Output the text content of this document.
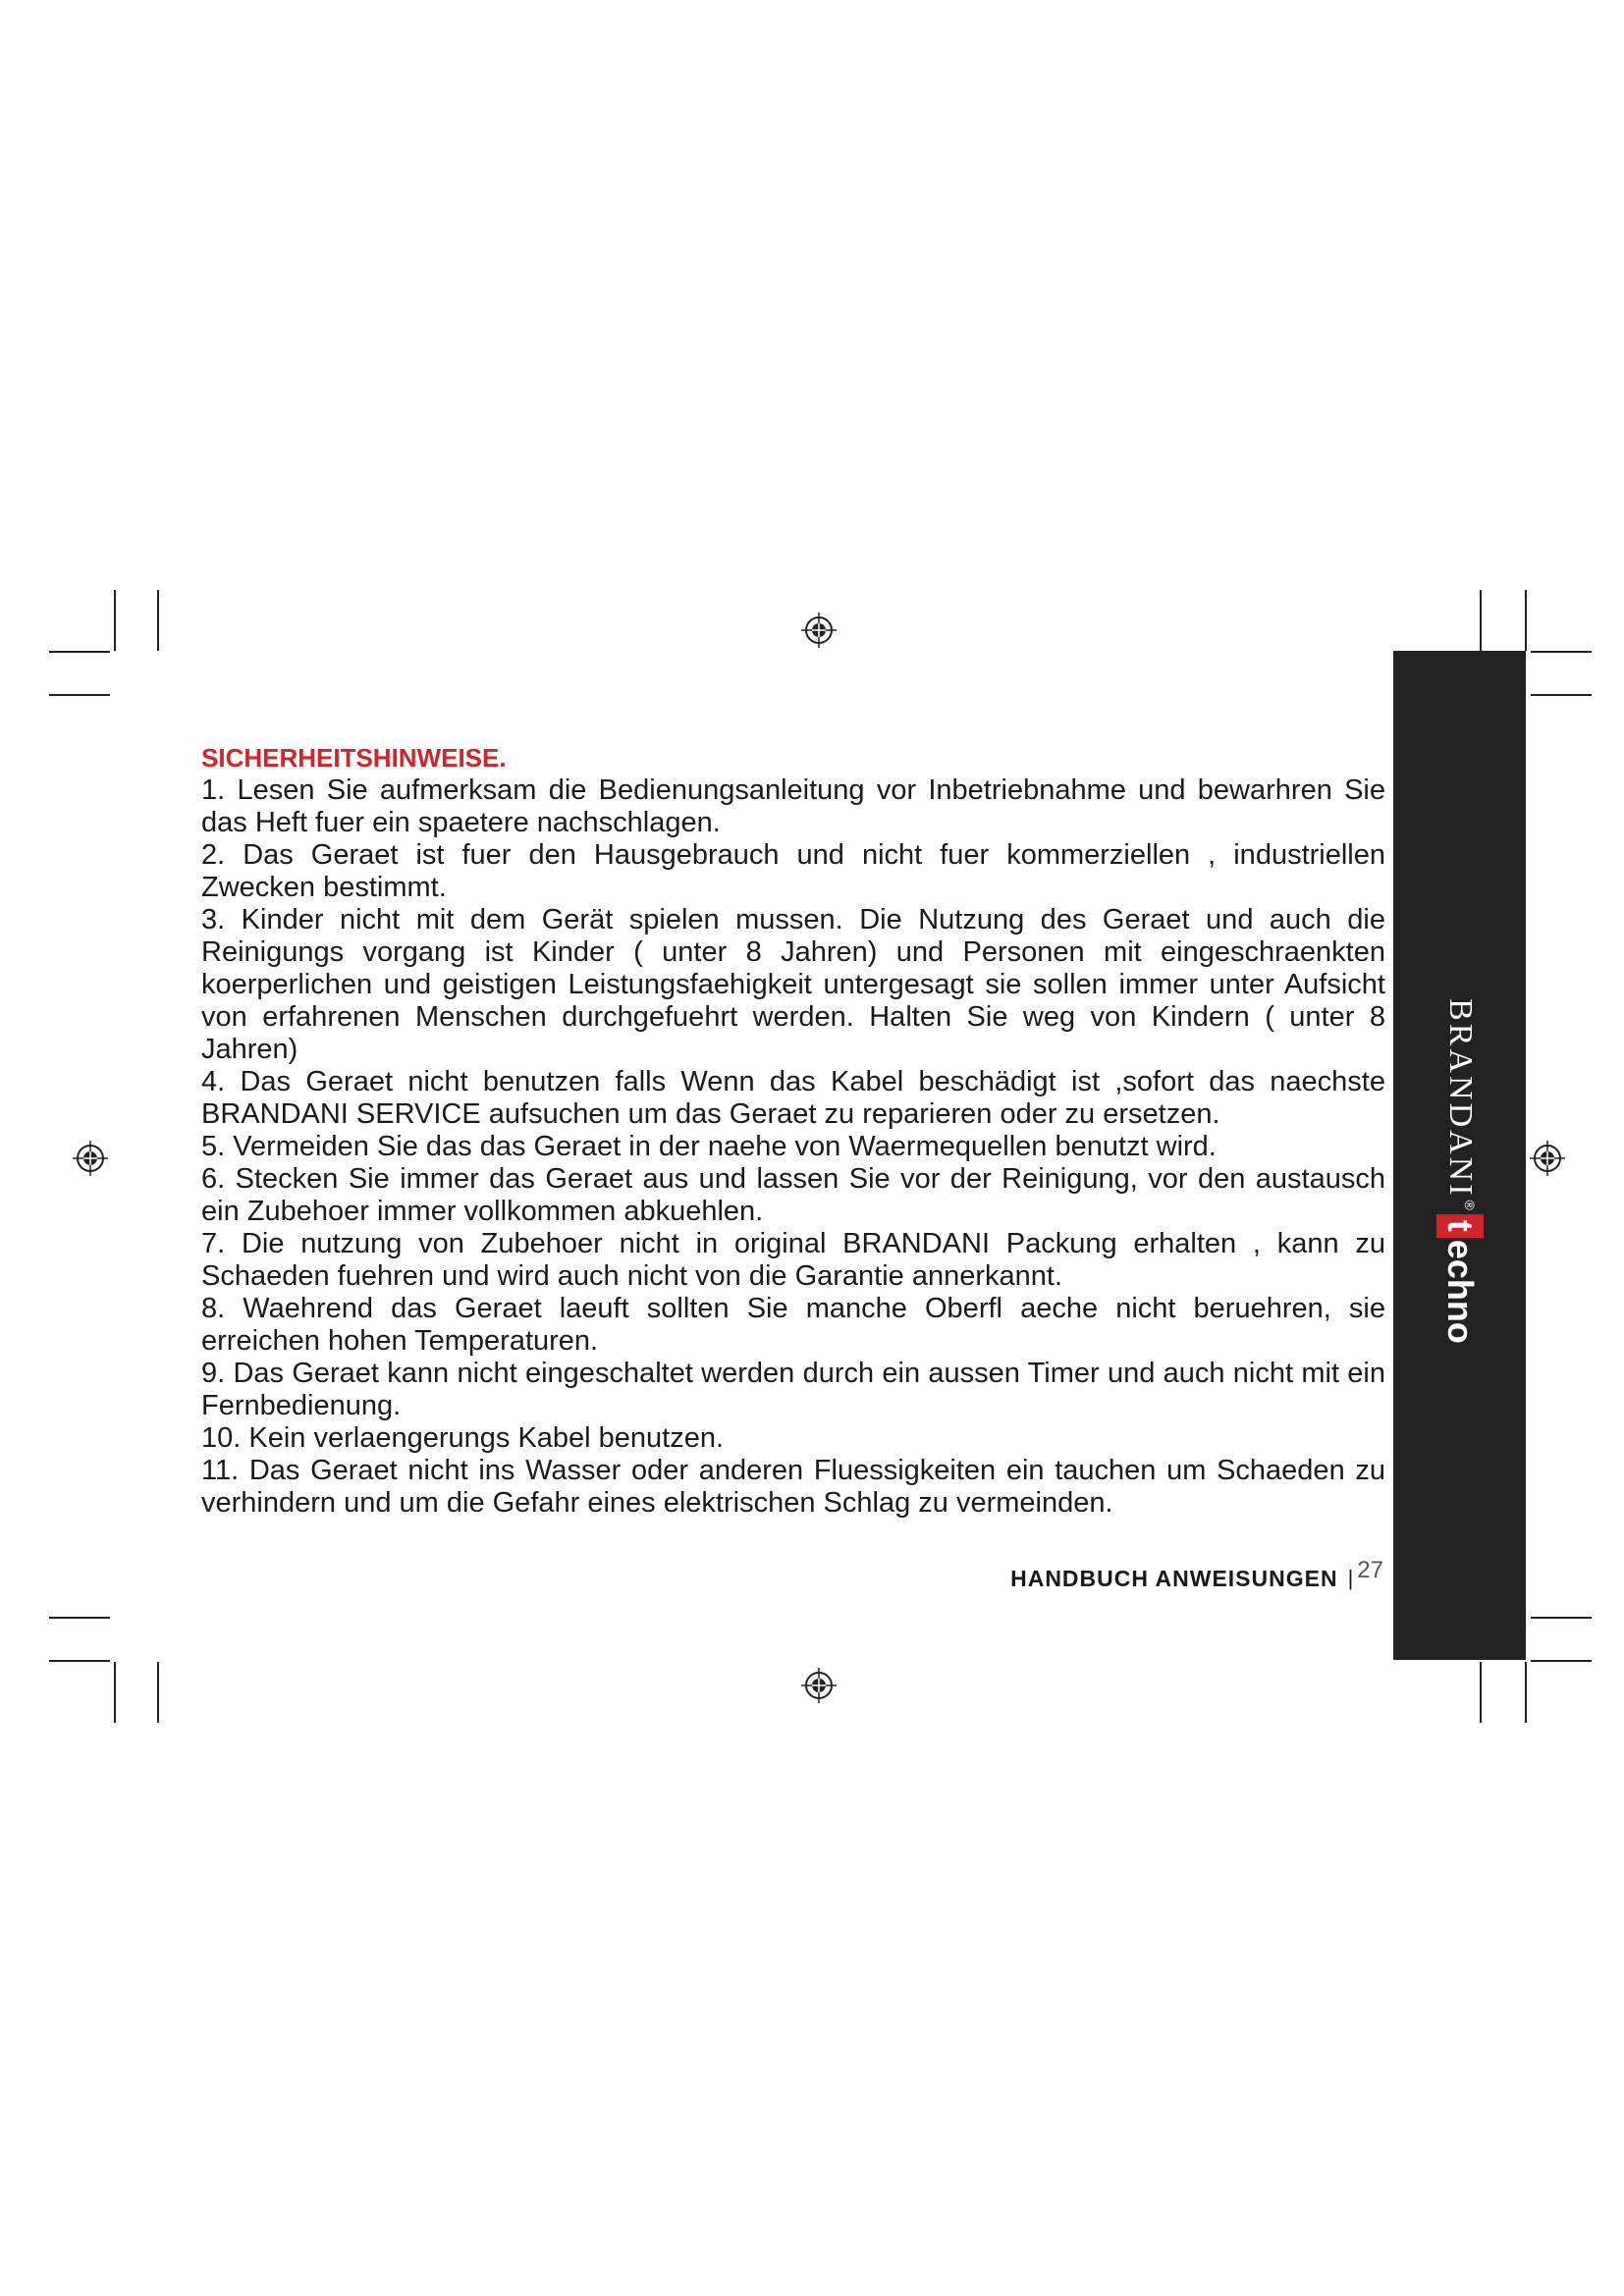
BRANDANI
®
t
echno
SICHERHEITSHINWEISE.

1. Lesen Sie aufmerksam die Bedienungsanleitung vor Inbetriebnahme und bewarhren Sie das Heft fuer ein spaetere nachschlagen.

2. Das Geraet ist fuer den Hausgebrauch und nicht fuer kommerziellen , industriellen Zwecken bestimmt.

3. Kinder nicht mit dem Gerät spielen mussen. Die Nutzung des Geraet und auch die Reinigungs vorgang ist Kinder ( unter 8 Jahren) und Personen mit eingeschraenkten koerperlichen und geistigen Leistungsfaehigkeit untergesagt sie sollen immer unter Aufsicht von erfahrenen Menschen durchgefuehrt werden. Halten Sie weg von Kindern ( unter 8 Jahren)

4. Das Geraet nicht benutzen falls Wenn das Kabel beschädigt ist ,sofort das naechste BRANDANI SERVICE aufsuchen um das Geraet zu reparieren oder zu ersetzen.

5. Vermeiden Sie das das Geraet in der naehe von Waermequellen benutzt wird.

6. Stecken Sie immer das Geraet aus und lassen Sie vor der Reinigung, vor den austausch ein Zubehoer immer vollkommen abkuehlen.

7. Die nutzung von Zubehoer nicht in original BRANDANI Packung erhalten , kann zu Schaeden fuehren und wird auch nicht von die Garantie annerkannt.

8. Waehrend das Geraet laeuft sollten Sie manche Oberfl aeche nicht beruehren, sie erreichen hohen Temperaturen.

9. Das Geraet kann nicht eingeschaltet werden durch ein aussen Timer und auch nicht mit ein Fernbedienung.

10. Kein verlaengerungs Kabel benutzen.

11. Das Geraet nicht ins Wasser oder anderen Fluessigkeiten ein tauchen um Schaeden zu verhindern und um die Gefahr eines elektrischen Schlag zu vermeinden.

HANDBUCH ANWEISUNGEN | 27
